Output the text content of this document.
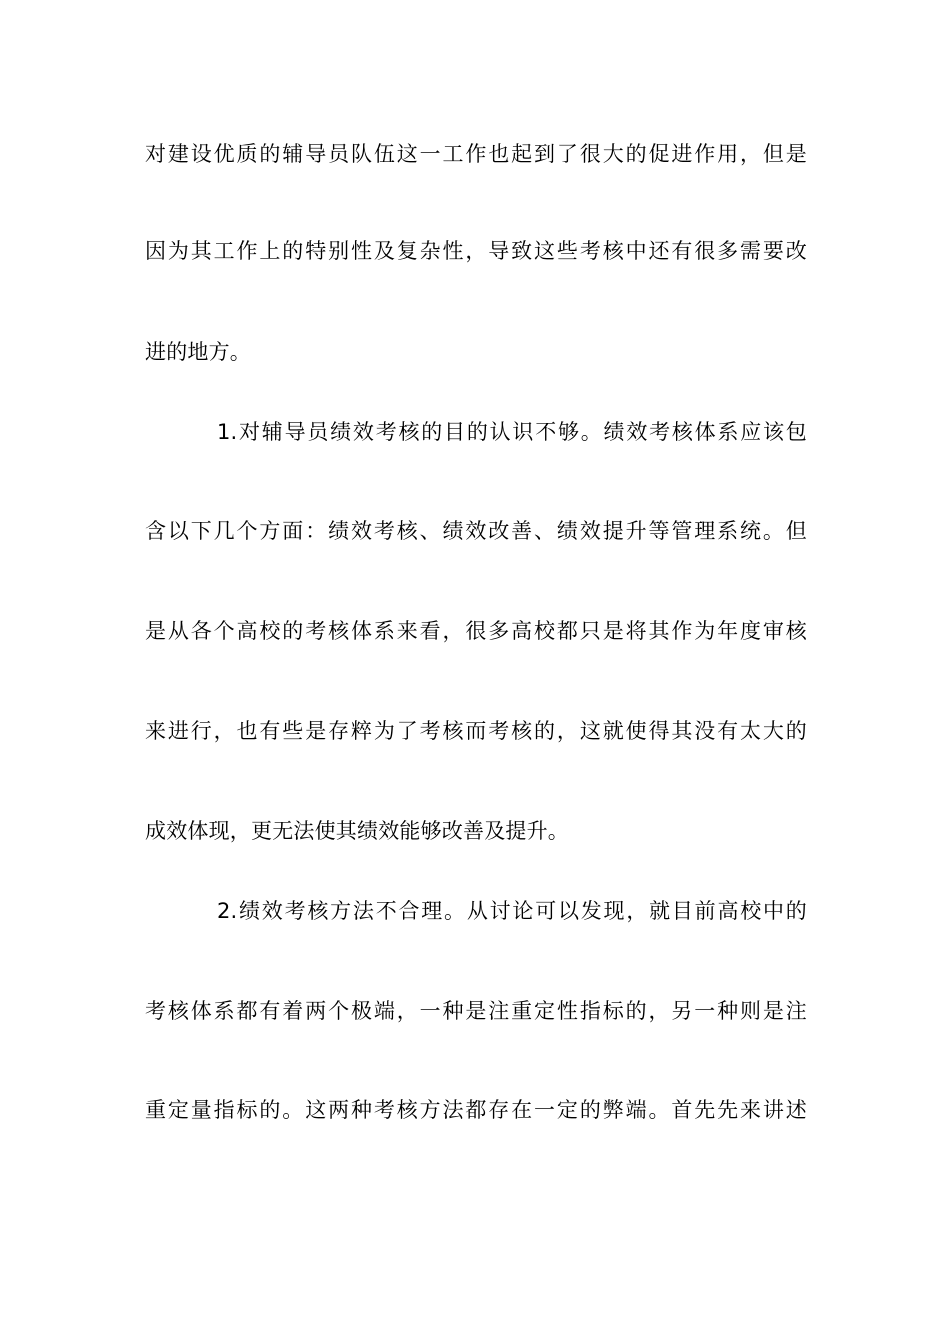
对建设优质的辅导员队伍这一工作也起到了很大的促进作用，但是
因为其工作上的特别性及复杂性，导致这些考核中还有很多需要改
进的地方。
1.对辅导员绩效考核的目的认识不够。绩效考核体系应该包
含以下几个方面：绩效考核、绩效改善、绩效提升等管理系统。但
是从各个高校的考核体系来看，很多高校都只是将其作为年度审核
来进行，也有些是存粹为了考核而考核的，这就使得其没有太大的
成效体现，更无法使其绩效能够改善及提升。
2.绩效考核方法不合理。从讨论可以发现，就目前高校中的
考核体系都有着两个极端，一种是注重定性指标的，另一种则是注
重定量指标的。这两种考核方法都存在一定的弊端。首先先来讲述
